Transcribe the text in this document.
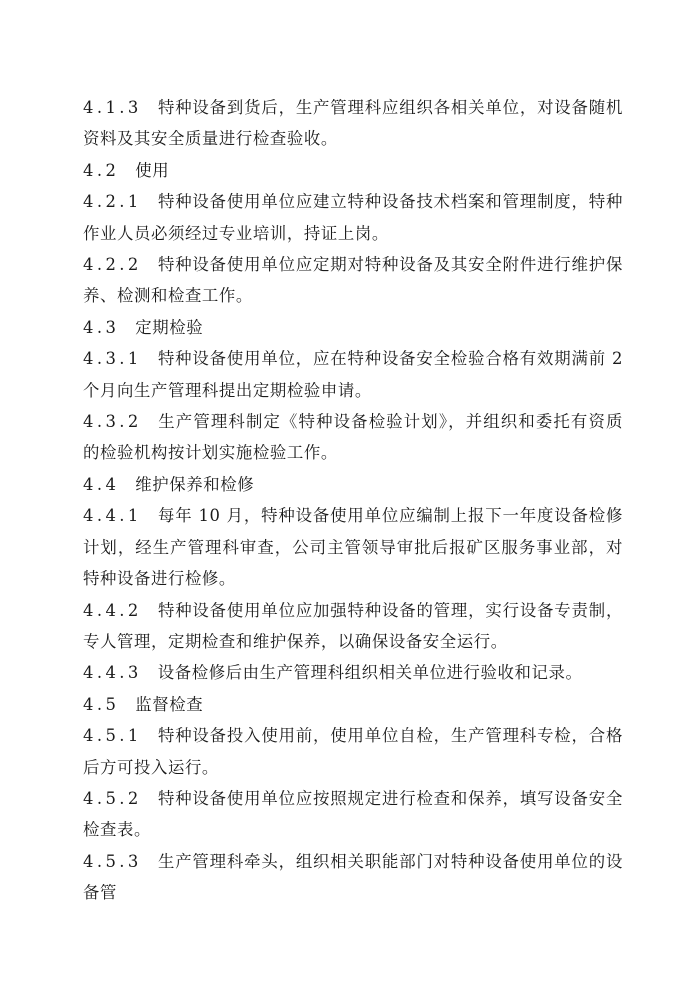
4.1.3 特种设备到货后，生产管理科应组织各相关单位，对设备随机资料及其安全质量进行检查验收。

4.2 使用

4.2.1 特种设备使用单位应建立特种设备技术档案和管理制度，特种作业人员必须经过专业培训，持证上岗。

4.2.2 特种设备使用单位应定期对特种设备及其安全附件进行维护保养、检测和检查工作。

4.3 定期检验

4.3.1 特种设备使用单位，应在特种设备安全检验合格有效期满前 2 个月向生产管理科提出定期检验申请。

4.3.2 生产管理科制定《特种设备检验计划》，并组织和委托有资质的检验机构按计划实施检验工作。

4.4 维护保养和检修

4.4.1 每年 10 月，特种设备使用单位应编制上报下一年度设备检修计划，经生产管理科审查，公司主管领导审批后报矿区服务事业部，对特种设备进行检修。

4.4.2 特种设备使用单位应加强特种设备的管理，实行设备专责制，专人管理，定期检查和维护保养，以确保设备安全运行。

4.4.3 设备检修后由生产管理科组织相关单位进行验收和记录。

4.5 监督检查

4.5.1 特种设备投入使用前，使用单位自检，生产管理科专检，合格后方可投入运行。

4.5.2 特种设备使用单位应按照规定进行检查和保养，填写设备安全检查表。

4.5.3 生产管理科牵头，组织相关职能部门对特种设备使用单位的设备管
